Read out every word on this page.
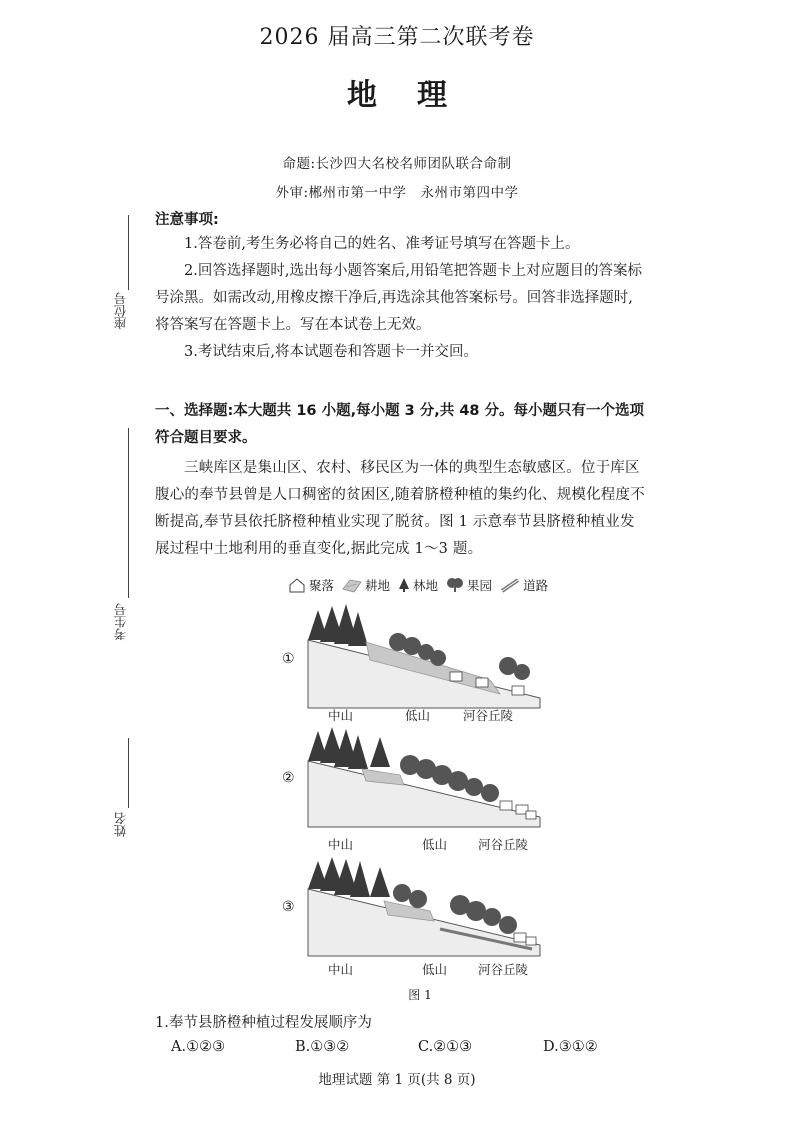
2026 届高三第二次联考卷
地理
命题:长沙四大名校名师团队联合命制
外审:郴州市第一中学　永州市第四中学
座位号
考生号
姓名
注意事项:

1.答卷前,考生务必将自己的姓名、准考证号填写在答题卡上。

2.回答选择题时,选出每小题答案后,用铅笔把答题卡上对应题目的答案标号涂黑。如需改动,用橡皮擦干净后,再选涂其他答案标号。回答非选择题时,将答案写在答题卡上。写在本试卷上无效。

3.考试结束后,将本试题卷和答题卡一并交回。

一、选择题:本大题共 16 小题,每小题 3 分,共 48 分。每小题只有一个选项符合题目要求。
三峡库区是集山区、农村、移民区为一体的典型生态敏感区。位于库区腹心的奉节县曾是人口稠密的贫困区,随着脐橙种植的集约化、规模化程度不断提高,奉节县依托脐橙种植业实现了脱贫。图 1 示意奉节县脐橙种植业发展过程中土地利用的垂直变化,据此完成 1～3 题。
聚落 耕地 林地 果园 道路
①
中山	低山	河谷丘陵
②
中山	低山 河谷丘陵
③
中山	低山 河谷丘陵
图 1
1.奉节县脐橙种植过程发展顺序为
A.①②③	B.①③②	C.②①③	D.③①②
地理试题 第 1 页(共 8 页)
